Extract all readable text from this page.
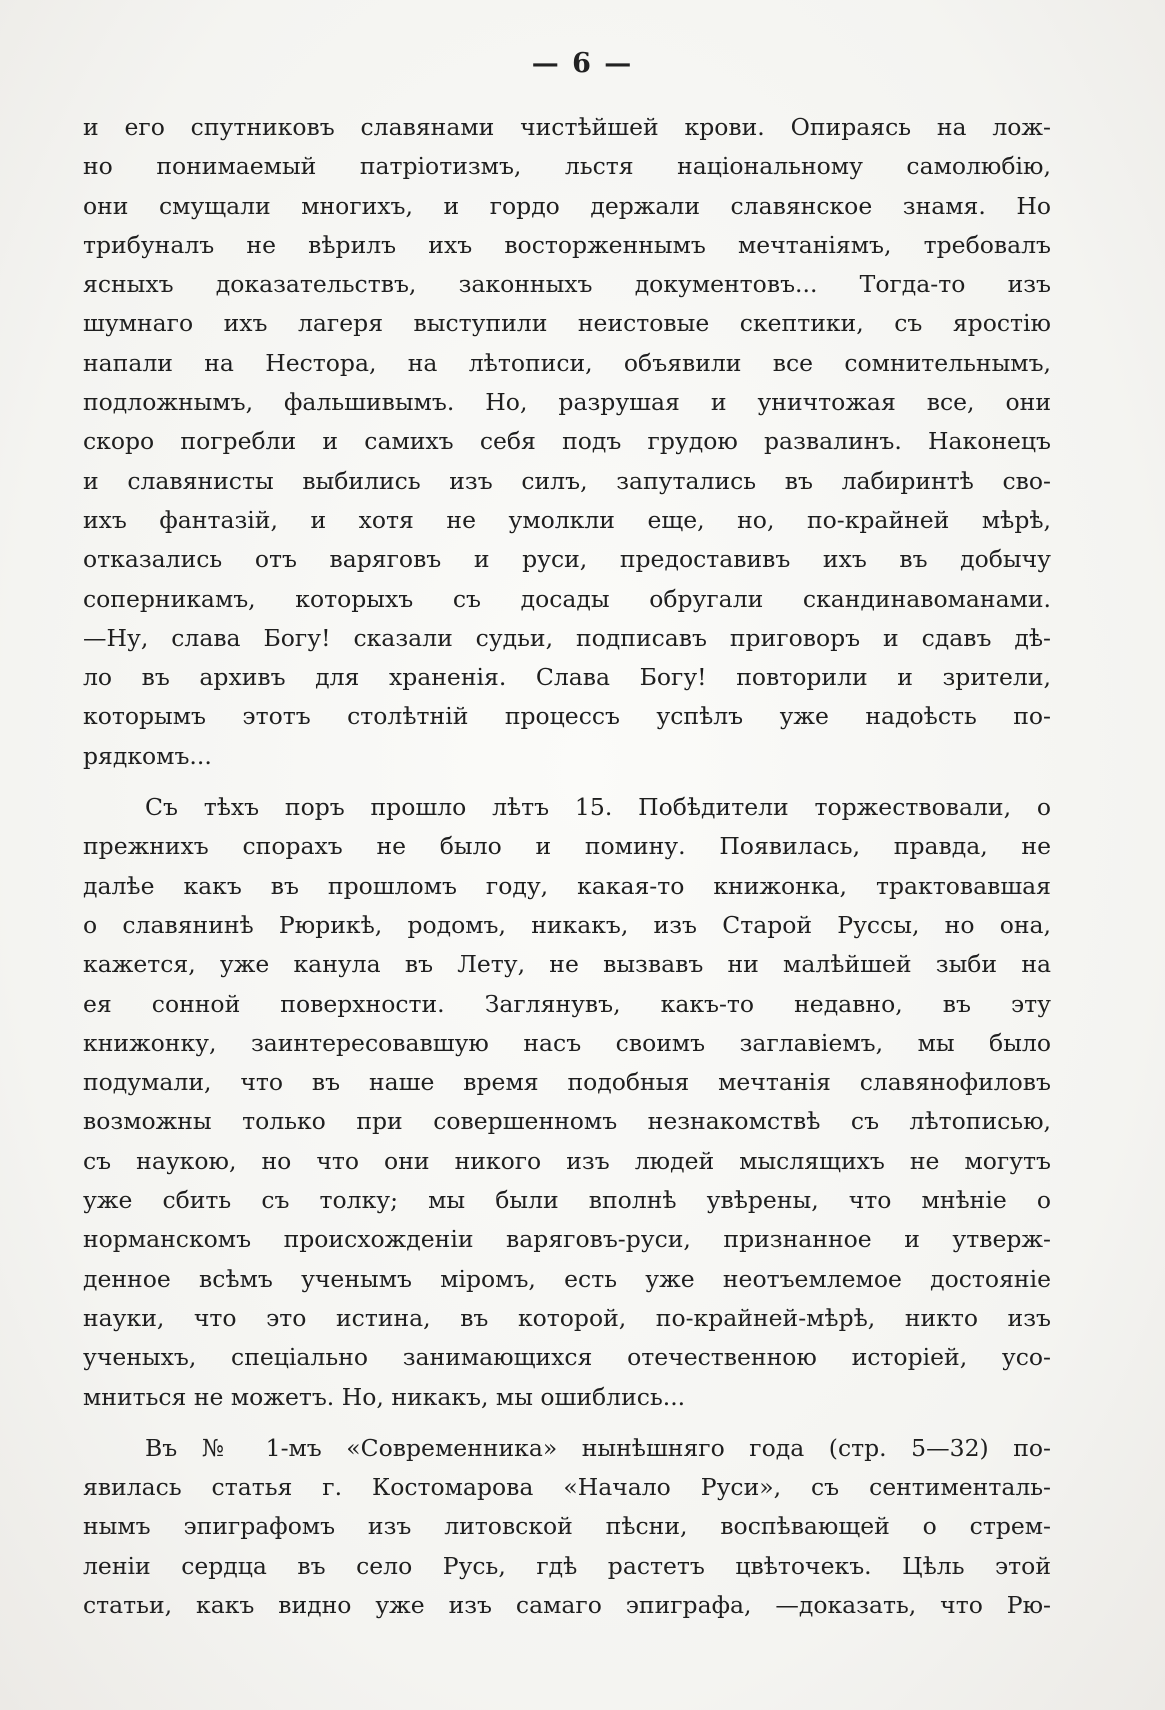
— 6 —
и его спутниковъ славянами чистѣйшей крови. Опираясь на лож-
но понимаемый патріотизмъ, льстя національному самолюбію,
они смущали многихъ, и гордо держали славянское знамя. Но
трибуналъ не вѣрилъ ихъ восторженнымъ мечтаніямъ, требовалъ
ясныхъ доказательствъ, законныхъ документовъ... Тогда-то изъ
шумнаго ихъ лагеря выступили неистовые скептики, съ яростію
напали на Нестора, на лѣтописи, объявили все сомнительнымъ,
подложнымъ, фальшивымъ. Но, разрушая и уничтожая все, они
скоро погребли и самихъ себя подъ грудою развалинъ. Наконецъ
и славянисты выбились изъ силъ, запутались въ лабиринтѣ сво-
ихъ фантазій, и хотя не умолкли еще, но, по-крайней мѣрѣ,
отказались отъ варяговъ и руси, предоставивъ ихъ въ добычу
соперникамъ, которыхъ съ досады обругали скандинавоманами.
—Ну, слава Богу! сказали судьи, подписавъ приговоръ и сдавъ дѣ-
ло въ архивъ для храненія. Слава Богу! повторили и зрители,
которымъ этотъ столѣтній процессъ успѣлъ уже надоѣсть по-
рядкомъ...
Съ тѣхъ поръ прошло лѣтъ 15. Побѣдители торжествовали, о
прежнихъ спорахъ не было и помину. Появилась, правда, не
далѣе какъ въ прошломъ году, какая-то книжонка, трактовавшая
о славянинѣ Рюрикѣ, родомъ, никакъ, изъ Старой Руссы, но она,
кажется, уже канула въ Лету, не вызвавъ ни малѣйшей зыби на
ея сонной поверхности. Заглянувъ, какъ-то недавно, въ эту
книжонку, заинтересовавшую насъ своимъ заглавіемъ, мы было
подумали, что въ наше время подобныя мечтанія славянофиловъ
возможны только при совершенномъ незнакомствѣ съ лѣтописью,
съ наукою, но что они никого изъ людей мыслящихъ не могутъ
уже сбить съ толку; мы были вполнѣ увѣрены, что мнѣніе о
норманскомъ происхожденіи варяговъ-руси, признанное и утверж-
денное всѣмъ ученымъ міромъ, есть уже неотъемлемое достояніе
науки, что это истина, въ которой, по-крайней-мѣрѣ, никто изъ
ученыхъ, спеціально занимающихся отечественною исторіей, усо-
мниться не можетъ. Но, никакъ, мы ошиблись...
Въ № 1-мъ «Современника» нынѣшняго года (стр. 5—32) по-
явилась статья г. Костомарова «Начало Руси», съ сентименталь-
нымъ эпиграфомъ изъ литовской пѣсни, воспѣвающей о стрем-
леніи сердца въ село Русь, гдѣ растетъ цвѣточекъ. Цѣль этой
статьи, какъ видно уже изъ самаго эпиграфа, —доказать, что Рю-
